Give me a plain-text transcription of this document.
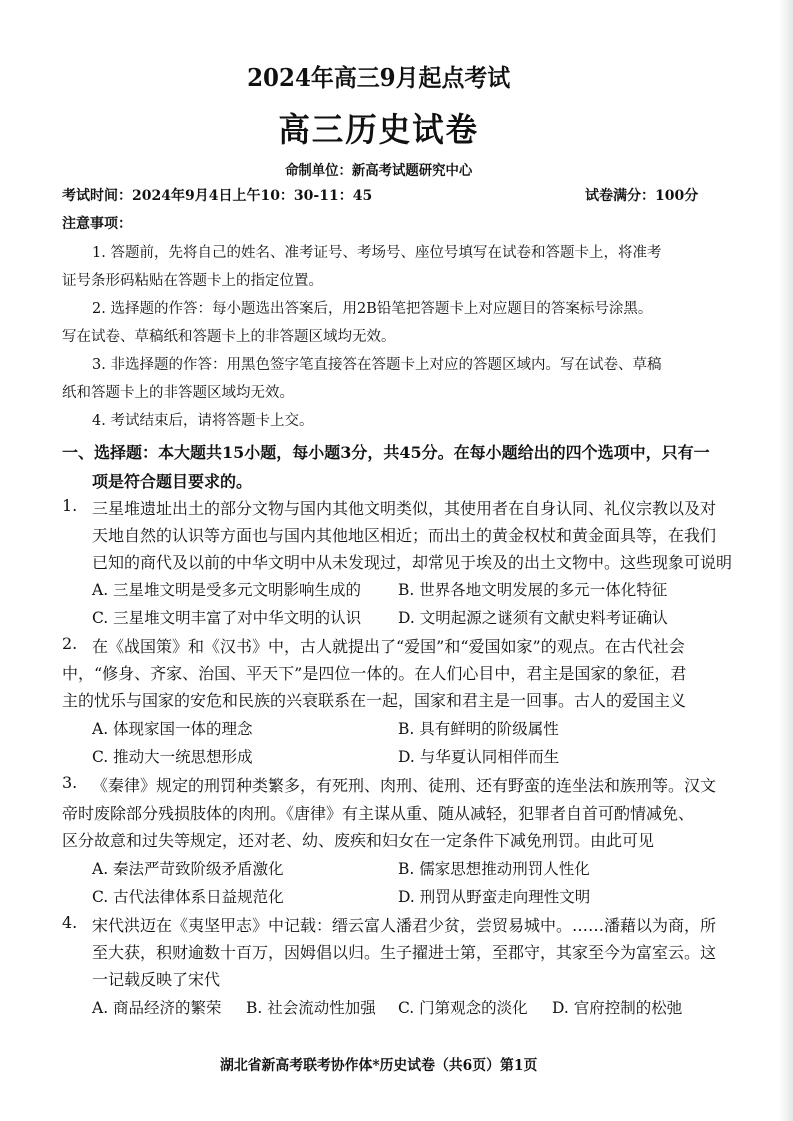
2024年高三9月起点考试
高三历史试卷
命制单位：新高考试题研究中心
考试时间：2024年9月4日上午10：30-11：45	试卷满分：100分
注意事项：
1. 答题前，先将自己的姓名、准考证号、考场号、座位号填写在试卷和答题卡上，将准考
证号条形码粘贴在答题卡上的指定位置。
2. 选择题的作答：每小题选出答案后，用2B铅笔把答题卡上对应题目的答案标号涂黑。
写在试卷、草稿纸和答题卡上的非答题区域均无效。
3. 非选择题的作答：用黑色签字笔直接答在答题卡上对应的答题区域内。写在试卷、草稿
纸和答题卡上的非答题区域均无效。
4. 考试结束后，请将答题卡上交。
一、选择题：本大题共15小题，每小题3分，共45分。在每小题给出的四个选项中，只有一
项是符合题目要求的。
1. 三星堆遗址出土的部分文物与国内其他文明类似，其使用者在自身认同、礼仪宗教以及对
天地自然的认识等方面也与国内其他地区相近；而出土的黄金权杖和黄金面具等，在我们
已知的商代及以前的中华文明中从未发现过，却常见于埃及的出土文物中。这些现象可说明
A. 三星堆文明是受多元文明影响生成的 B. 世界各地文明发展的多元一体化特征
C. 三星堆文明丰富了对中华文明的认识 D. 文明起源之谜须有文献史料考证确认
2. 在《战国策》和《汉书》中，古人就提出了“爱国”和“爱国如家”的观点。在古代社会
中，“修身、齐家、治国、平天下”是四位一体的。在人们心目中，君主是国家的象征，君
主的忧乐与国家的安危和民族的兴衰联系在一起，国家和君主是一回事。古人的爱国主义
A. 体现家国一体的理念	B. 具有鲜明的阶级属性
C. 推动大一统思想形成	D. 与华夏认同相伴而生
3. 《秦律》规定的刑罚种类繁多，有死刑、肉刑、徒刑、还有野蛮的连坐法和族刑等。汉文
帝时废除部分残损肢体的肉刑。《唐律》有主谋从重、随从减轻，犯罪者自首可酌情减免、
区分故意和过失等规定，还对老、幼、废疾和妇女在一定条件下减免刑罚。由此可见
A. 秦法严苛致阶级矛盾激化	B. 儒家思想推动刑罚人性化
C. 古代法律体系日益规范化	D. 刑罚从野蛮走向理性文明
4. 宋代洪迈在《夷坚甲志》中记载：缙云富人潘君少贫，尝贸易城中。……潘藉以为商，所
至大获，积财逾数十百万，因姆倡以归。生子擢进士第，至郡守，其家至今为富室云。这
一记载反映了宋代
A. 商品经济的繁荣 B. 社会流动性加强 C. 门第观念的淡化 D. 官府控制的松弛
湖北省新高考联考协作体*历史试卷（共6页）第1页
